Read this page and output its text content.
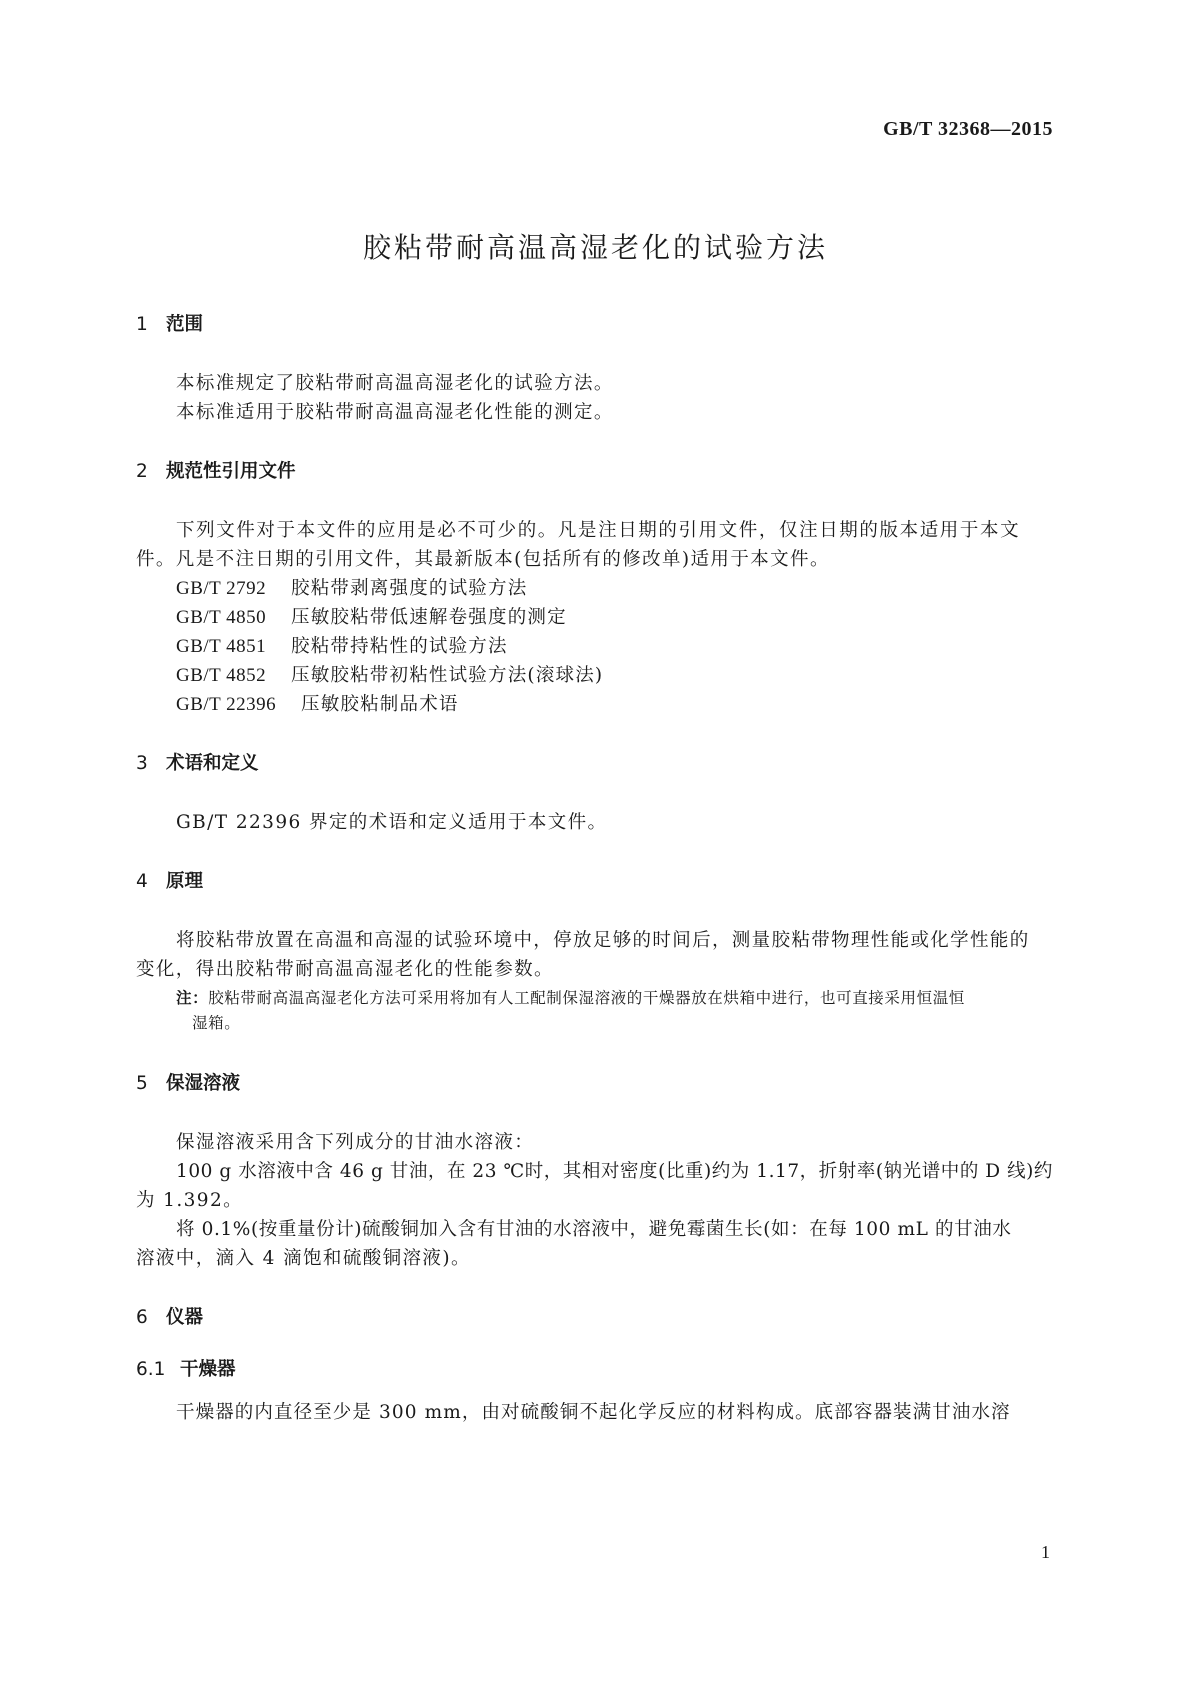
GB/T 32368—2015
胶粘带耐高温高湿老化的试验方法
1 范围
本标准规定了胶粘带耐高温高湿老化的试验方法。
本标准适用于胶粘带耐高温高湿老化性能的测定。
2 规范性引用文件
下列文件对于本文件的应用是必不可少的。凡是注日期的引用文件，仅注日期的版本适用于本文
件。凡是不注日期的引用文件，其最新版本(包括所有的修改单)适用于本文件。
GB/T 2792 胶粘带剥离强度的试验方法
GB/T 4850 压敏胶粘带低速解卷强度的测定
GB/T 4851 胶粘带持粘性的试验方法
GB/T 4852 压敏胶粘带初粘性试验方法(滚球法)
GB/T 22396 压敏胶粘制品术语
3 术语和定义
GB/T 22396 界定的术语和定义适用于本文件。
4 原理
将胶粘带放置在高温和高湿的试验环境中，停放足够的时间后，测量胶粘带物理性能或化学性能的
变化，得出胶粘带耐高温高湿老化的性能参数。
注：胶粘带耐高温高湿老化方法可采用将加有人工配制保湿溶液的干燥器放在烘箱中进行，也可直接采用恒温恒
湿箱。
5 保湿溶液
保湿溶液采用含下列成分的甘油水溶液：
100 g 水溶液中含 46 g 甘油，在 23 ℃时，其相对密度(比重)约为 1.17，折射率(钠光谱中的 D 线)约
为 1.392。
将 0.1%(按重量份计)硫酸铜加入含有甘油的水溶液中，避免霉菌生长(如：在每 100 mL 的甘油水
溶液中，滴入 4 滴饱和硫酸铜溶液)。
6 仪器
6.1 干燥器
干燥器的内直径至少是 300 mm，由对硫酸铜不起化学反应的材料构成。底部容器装满甘油水溶
1
